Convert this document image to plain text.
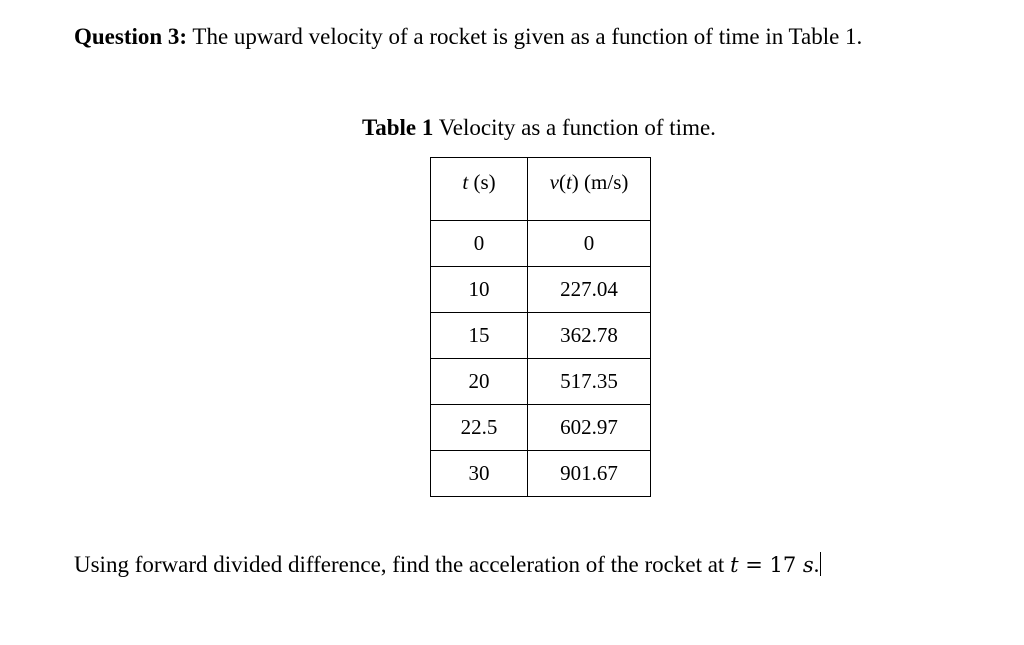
Question 3: The upward velocity of a rocket is given as a function of time in Table 1.
Table 1 Velocity as a function of time.
t (s)	v(t) (m/s)
0	0
10	227.04
15	362.78
20	517.35
22.5	602.97
30	901.67
Using forward divided difference, find the acceleration of the rocket at t = 17 s.
